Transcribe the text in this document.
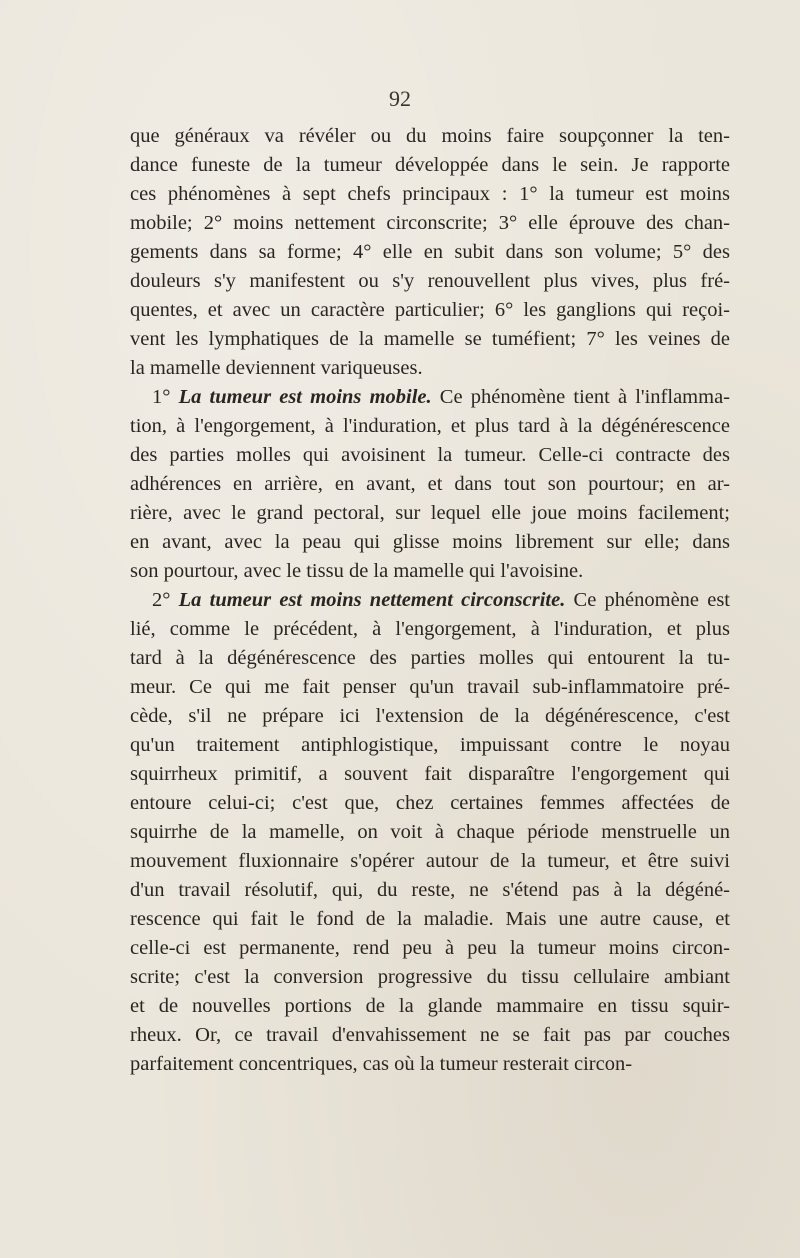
92
que généraux va révéler ou du moins faire soupçonner la ten-
dance funeste de la tumeur développée dans le sein. Je rapporte
ces phénomènes à sept chefs principaux : 1° la tumeur est moins
mobile; 2° moins nettement circonscrite; 3° elle éprouve des chan-
gements dans sa forme; 4° elle en subit dans son volume; 5° des
douleurs s'y manifestent ou s'y renouvellent plus vives, plus fré-
quentes, et avec un caractère particulier; 6° les ganglions qui reçoi-
vent les lymphatiques de la mamelle se tuméfient; 7° les veines de
la mamelle deviennent variqueuses.
1° La tumeur est moins mobile. Ce phénomène tient à l'inflamma-
tion, à l'engorgement, à l'induration, et plus tard à la dégénérescence
des parties molles qui avoisinent la tumeur. Celle-ci contracte des
adhérences en arrière, en avant, et dans tout son pourtour; en ar-
rière, avec le grand pectoral, sur lequel elle joue moins facilement;
en avant, avec la peau qui glisse moins librement sur elle; dans
son pourtour, avec le tissu de la mamelle qui l'avoisine.
2° La tumeur est moins nettement circonscrite. Ce phénomène est
lié, comme le précédent, à l'engorgement, à l'induration, et plus
tard à la dégénérescence des parties molles qui entourent la tu-
meur. Ce qui me fait penser qu'un travail sub-inflammatoire pré-
cède, s'il ne prépare ici l'extension de la dégénérescence, c'est
qu'un traitement antiphlogistique, impuissant contre le noyau
squirrheux primitif, a souvent fait disparaître l'engorgement qui
entoure celui-ci; c'est que, chez certaines femmes affectées de
squirrhe de la mamelle, on voit à chaque période menstruelle un
mouvement fluxionnaire s'opérer autour de la tumeur, et être suivi
d'un travail résolutif, qui, du reste, ne s'étend pas à la dégéné-
rescence qui fait le fond de la maladie. Mais une autre cause, et
celle-ci est permanente, rend peu à peu la tumeur moins circon-
scrite; c'est la conversion progressive du tissu cellulaire ambiant
et de nouvelles portions de la glande mammaire en tissu squir-
rheux. Or, ce travail d'envahissement ne se fait pas par couches
parfaitement concentriques, cas où la tumeur resterait circon-
